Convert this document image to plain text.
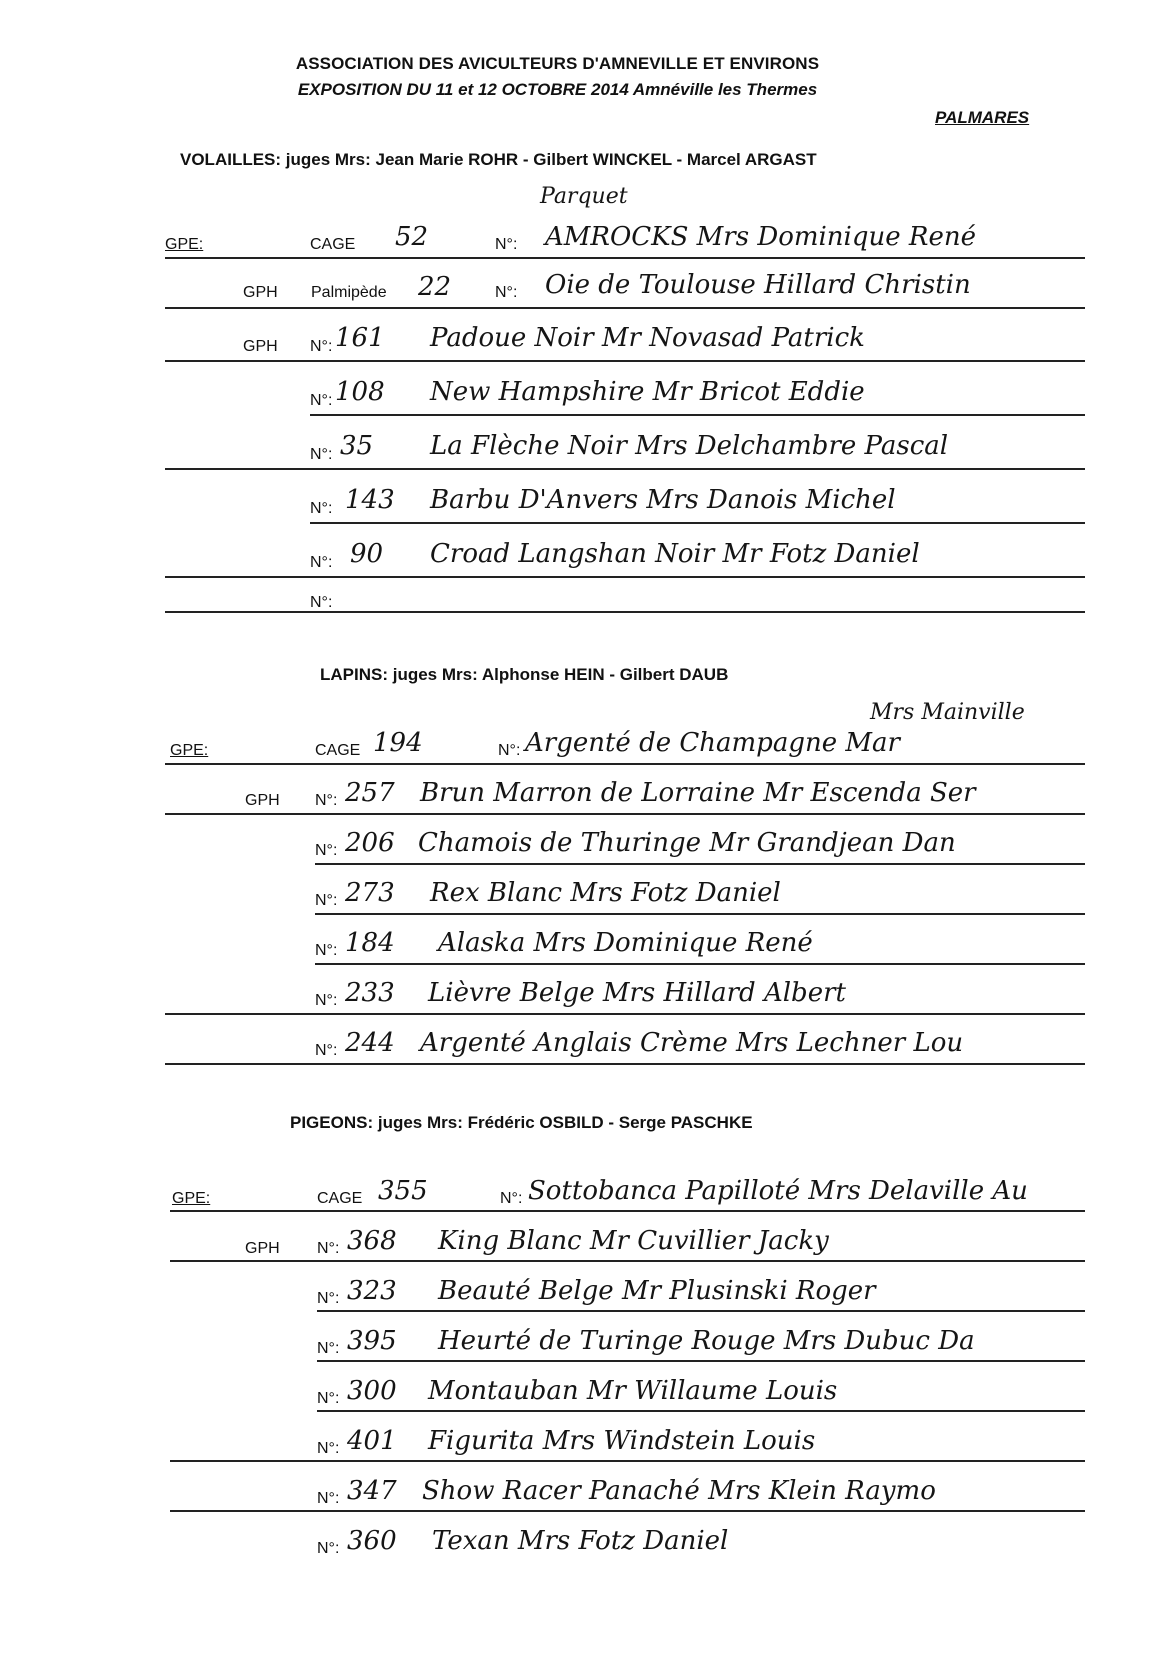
ASSOCIATION DES AVICULTEURS D'AMNEVILLE ET ENVIRONS
EXPOSITION DU 11 et 12 OCTOBRE 2014 Amnéville les Thermes
PALMARES
VOLAILLES: juges Mrs: Jean Marie ROHR - Gilbert WINCKEL - Marcel ARGAST
Parquet
GPE:	CAGE 52	N°: AMROCKS Mrs Dominique René
GPH Palmipède 22	N°: Oie de Toulouse Hillard Christin
GPH N°: 161 Padoue Noir Mr Novasad Patrick
N°: 108 New Hampshire Mr Bricot Eddie
N°: 35 La Flèche Noir Mrs Delchambre Pascal
N°: 143 Barbu D'Anvers Mrs Danois Michel
N°: 90 Croad Langshan Noir Mr Fotz Daniel
N°:
LAPINS: juges Mrs: Alphonse HEIN - Gilbert DAUB
Mrs Mainville
GPE:	CAGE 194	N°: Argenté de Champagne Mar
GPH N°: 257 Brun Marron de Lorraine Mr Escenda Ser
N°: 206 Chamois de Thuringe Mr Grandjean Dan
N°: 273 Rex Blanc Mrs Fotz Daniel
N°: 184 Alaska Mrs Dominique René
N°: 233 Lièvre Belge Mrs Hillard Albert
N°: 244 Argenté Anglais Crème Mrs Lechner Lou
PIGEONS: juges Mrs: Frédéric OSBILD - Serge PASCHKE
GPE:	CAGE 355	N°: Sottobanca Papilloté Mrs Delaville Au
GPH N°: 368 King Blanc Mr Cuvillier Jacky
N°: 323 Beauté Belge Mr Plusinski Roger
N°: 395 Heurté de Turinge Rouge Mrs Dubuc Da
N°: 300 Montauban Mr Willaume Louis
N°: 401 Figurita Mrs Windstein Louis
N°: 347 Show Racer Panaché Mrs Klein Raymo
N°: 360 Texan Mrs Fotz Daniel
